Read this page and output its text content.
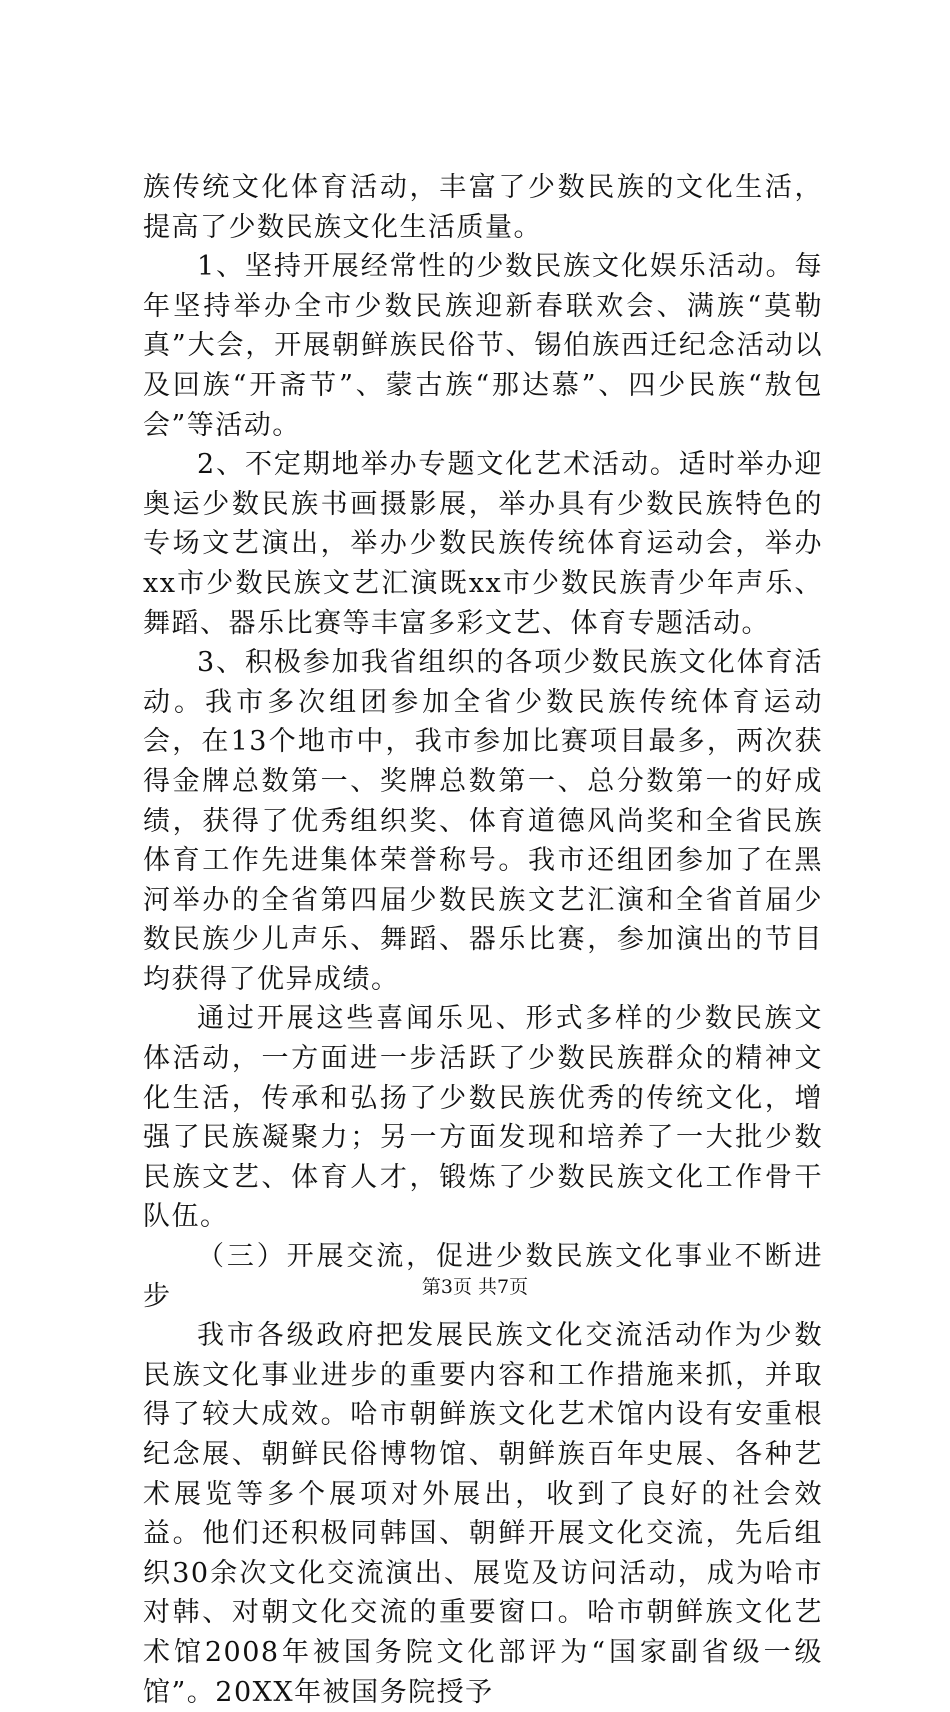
族传统文化体育活动，丰富了少数民族的文化生活，提高了少数民族文化生活质量。

1、坚持开展经常性的少数民族文化娱乐活动。每年坚持举办全市少数民族迎新春联欢会、满族“莫勒真”大会，开展朝鲜族民俗节、锡伯族西迁纪念活动以及回族“开斋节”、蒙古族“那达慕”、四少民族“敖包会”等活动。

2、不定期地举办专题文化艺术活动。适时举办迎奥运少数民族书画摄影展，举办具有少数民族特色的专场文艺演出，举办少数民族传统体育运动会，举办xx市少数民族文艺汇演既xx市少数民族青少年声乐、舞蹈、器乐比赛等丰富多彩文艺、体育专题活动。

3、积极参加我省组织的各项少数民族文化体育活动。我市多次组团参加全省少数民族传统体育运动会，在13个地市中，我市参加比赛项目最多，两次获得金牌总数第一、奖牌总数第一、总分数第一的好成绩，获得了优秀组织奖、体育道德风尚奖和全省民族体育工作先进集体荣誉称号。我市还组团参加了在黑河举办的全省第四届少数民族文艺汇演和全省首届少数民族少儿声乐、舞蹈、器乐比赛，参加演出的节目均获得了优异成绩。

通过开展这些喜闻乐见、形式多样的少数民族文体活动，一方面进一步活跃了少数民族群众的精神文化生活，传承和弘扬了少数民族优秀的传统文化，增强了民族凝聚力；另一方面发现和培养了一大批少数民族文艺、体育人才，锻炼了少数民族文化工作骨干队伍。

（三）开展交流，促进少数民族文化事业不断进步

我市各级政府把发展民族文化交流活动作为少数民族文化事业进步的重要内容和工作措施来抓，并取得了较大成效。哈市朝鲜族文化艺术馆内设有安重根纪念展、朝鲜民俗博物馆、朝鲜族百年史展、各种艺术展览等多个展项对外展出，收到了良好的社会效益。他们还积极同韩国、朝鲜开展文化交流，先后组织30余次文化交流演出、展览及访问活动，成为哈市对韩、对朝文化交流的重要窗口。哈市朝鲜族文化艺术馆2008年被国务院文化部评为“国家副省级一级馆”。20XX年被国务院授予

第3页 共7页
